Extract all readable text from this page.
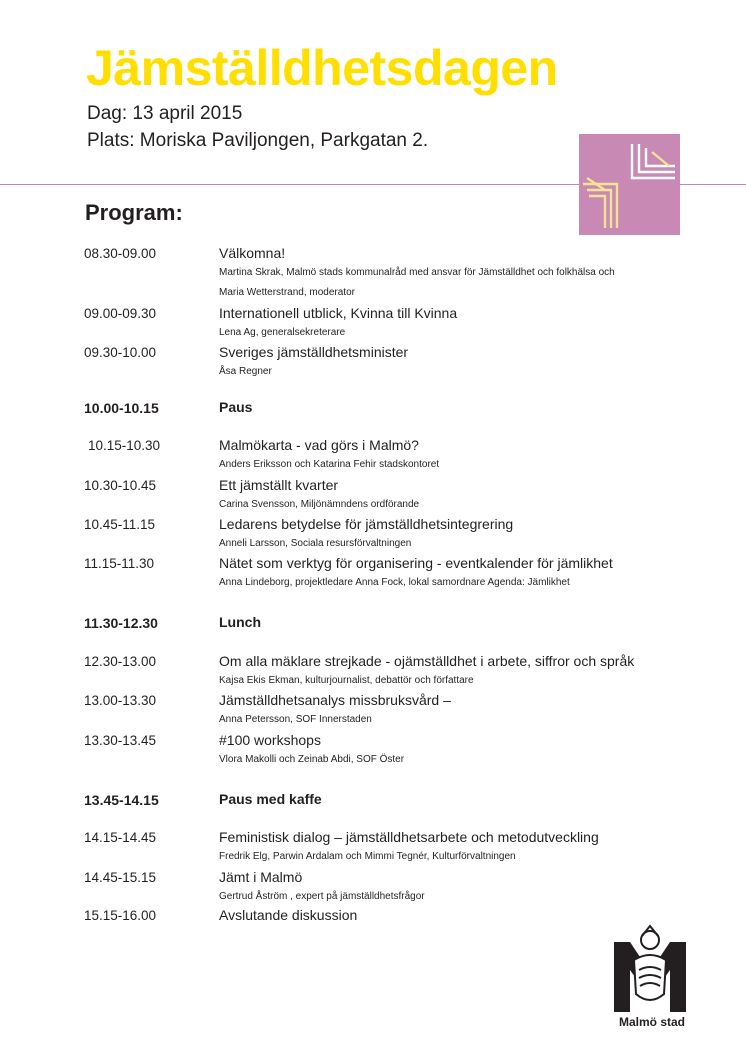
Jämställdhetsdagen
Dag: 13 april 2015
Plats: Moriska Paviljongen, Parkgatan 2.
Program:
08.30-09.00	Välkomna!
Martina Skrak, Malmö stads kommunalråd med ansvar för Jämställdhet och folkhälsa och
Maria Wetterstrand, moderator
09.00-09.30	Internationell utblick, Kvinna till Kvinna
Lena Ag, generalsekreterare
09.30-10.00	Sveriges jämställdhetsminister
Åsa Regner
10.00-10.15	Paus
10.15-10.30	Malmökarta - vad görs i Malmö?
Anders Eriksson och Katarina Fehir stadskontoret
10.30-10.45	Ett jämställt kvarter
Carina Svensson, Miljönämndens ordförande
10.45-11.15	Ledarens betydelse för jämställdhetsintegrering
Anneli Larsson, Sociala resursförvaltningen
11.15-11.30	Nätet som verktyg för organisering - eventkalender för jämlikhet
Anna Lindeborg, projektledare Anna Fock, lokal samordnare Agenda: Jämlikhet
11.30-12.30	Lunch
12.30-13.00	Om alla mäklare strejkade - ojämställdhet i arbete, siffror och språk
Kajsa Ekis Ekman, kulturjournalist, debattör och författare
13.00-13.30	Jämställdhetsanalys missbruksvård –
Anna Petersson, SOF Innerstaden
13.30-13.45	#100 workshops
Vlora Makolli och Zeinab Abdi, SOF Öster
13.45-14.15	Paus med kaffe
14.15-14.45	Feministisk dialog – jämställdhetsarbete och metodutveckling
Fredrik Elg, Parwin Ardalam och Mimmi Tegnér, Kulturförvaltningen
14.45-15.15	Jämt i Malmö
Gertrud Åström , expert på jämställdhetsfrågor
15.15-16.00	Avslutande diskussion
Malmö stad
